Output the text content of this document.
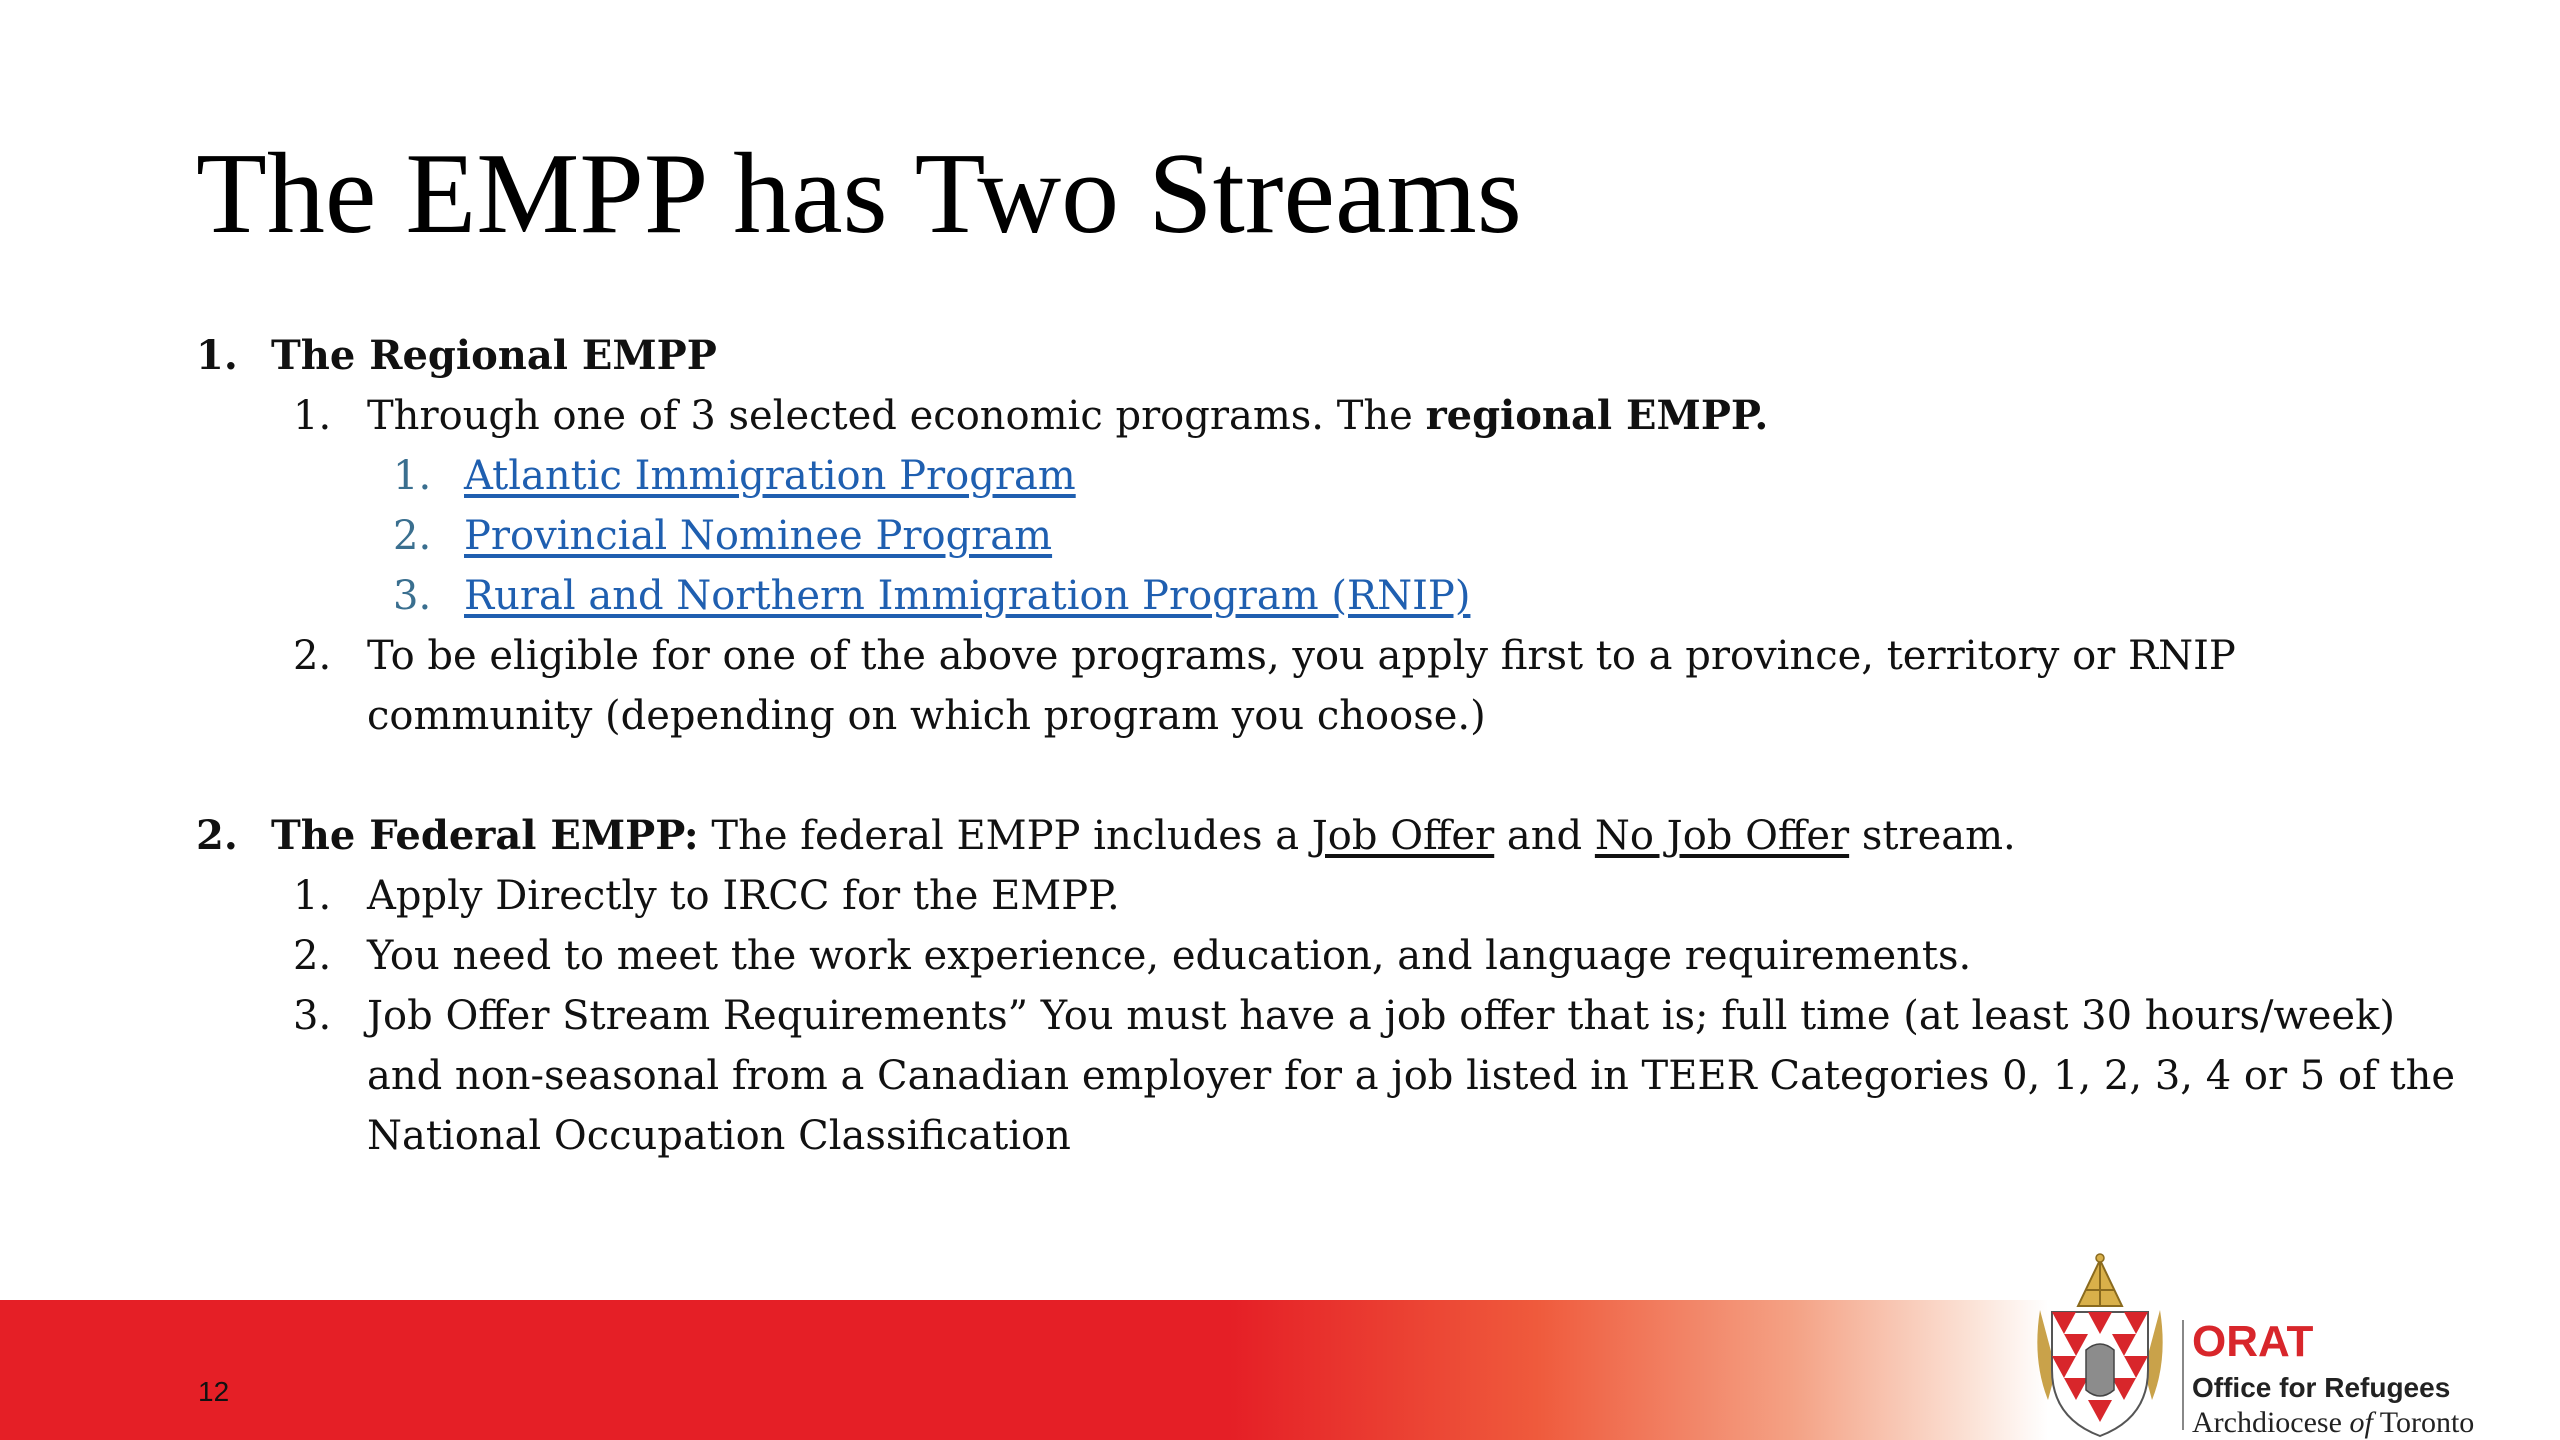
The EMPP has Two Streams
1. The Regional EMPP
1. Through one of 3 selected economic programs. The regional EMPP.
1. Atlantic Immigration Program
2. Provincial Nominee Program
3. Rural and Northern Immigration Program (RNIP)
2. To be eligible for one of the above programs, you apply first to a province, territory or RNIP community (depending on which program you choose.)
2. The Federal EMPP: The federal EMPP includes a Job Offer and No Job Offer stream.
1. Apply Directly to IRCC for the EMPP.
2. You need to meet the work experience, education, and language requirements.
3. Job Offer Stream Requirements” You must have a job offer that is; full time (at least 30 hours/week) and non-seasonal from a Canadian employer for a job listed in TEER Categories 0, 1, 2, 3, 4 or 5 of the National Occupation Classification
12
ORAT
Office for Refugees
Archdiocese of Toronto
